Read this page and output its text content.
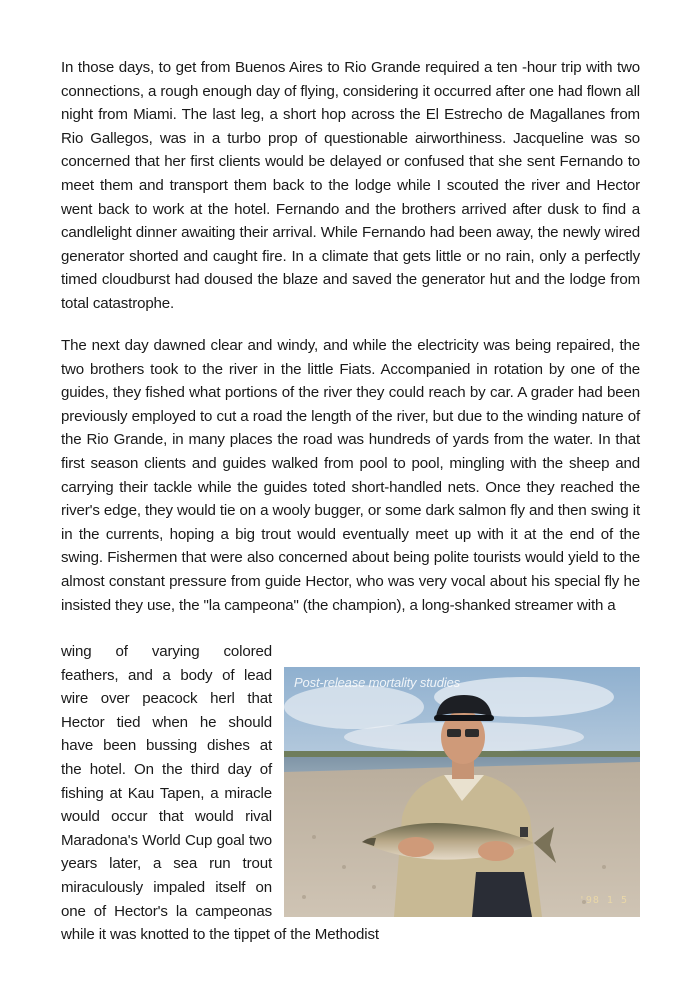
In those days, to get from Buenos Aires to Rio Grande required a ten -hour trip with two connections, a rough enough day of flying, considering it occurred after one had flown all night from Miami. The last leg, a short hop across the El Estrecho de Magallanes from Rio Gallegos, was in a turbo prop of questionable airworthiness. Jacqueline was so concerned that her first clients would be delayed or confused that she sent Fernando to meet them and transport them back to the lodge while I scouted the river and Hector went back to work at the hotel. Fernando and the brothers arrived after dusk to find a candlelight dinner awaiting their arrival. While Fernando had been away, the newly wired generator shorted and caught fire. In a climate that gets little or no rain, only a perfectly timed cloudburst had doused the blaze and saved the generator hut and the lodge from total catastrophe.

The next day dawned clear and windy, and while the electricity was being repaired, the two brothers took to the river in the little Fiats. Accompanied in rotation by one of the guides, they fished what portions of the river they could reach by car. A grader had been previously employed to cut a road the length of the river, but due to the winding nature of the Rio Grande, in many places the road was hundreds of yards from the water. In that first season clients and guides walked from pool to pool, mingling with the sheep and carrying their tackle while the guides toted short-handled nets. Once they reached the river's edge, they would tie on a wooly bugger, or some dark salmon fly and then swing it in the currents, hoping a big trout would eventually meet up with it at the end of the swing. Fishermen that were also concerned about being polite tourists would yield to the almost constant pressure from guide Hector, who was very vocal about his special fly he insisted they use, the "la campeona" (the champion), a long-shanked streamer with a

Post-release mortality studies
'98 1 5
wing of varying colored feathers, and a body of lead wire over peacock herl that Hector tied when he should have been bussing dishes at the hotel. On the third day of fishing at Kau Tapen, a miracle would occur that would rival Maradona's World Cup goal two years later, a sea run trout miraculously impaled itself on one of Hector's la campeonas while it was knotted to the tippet of the Methodist
